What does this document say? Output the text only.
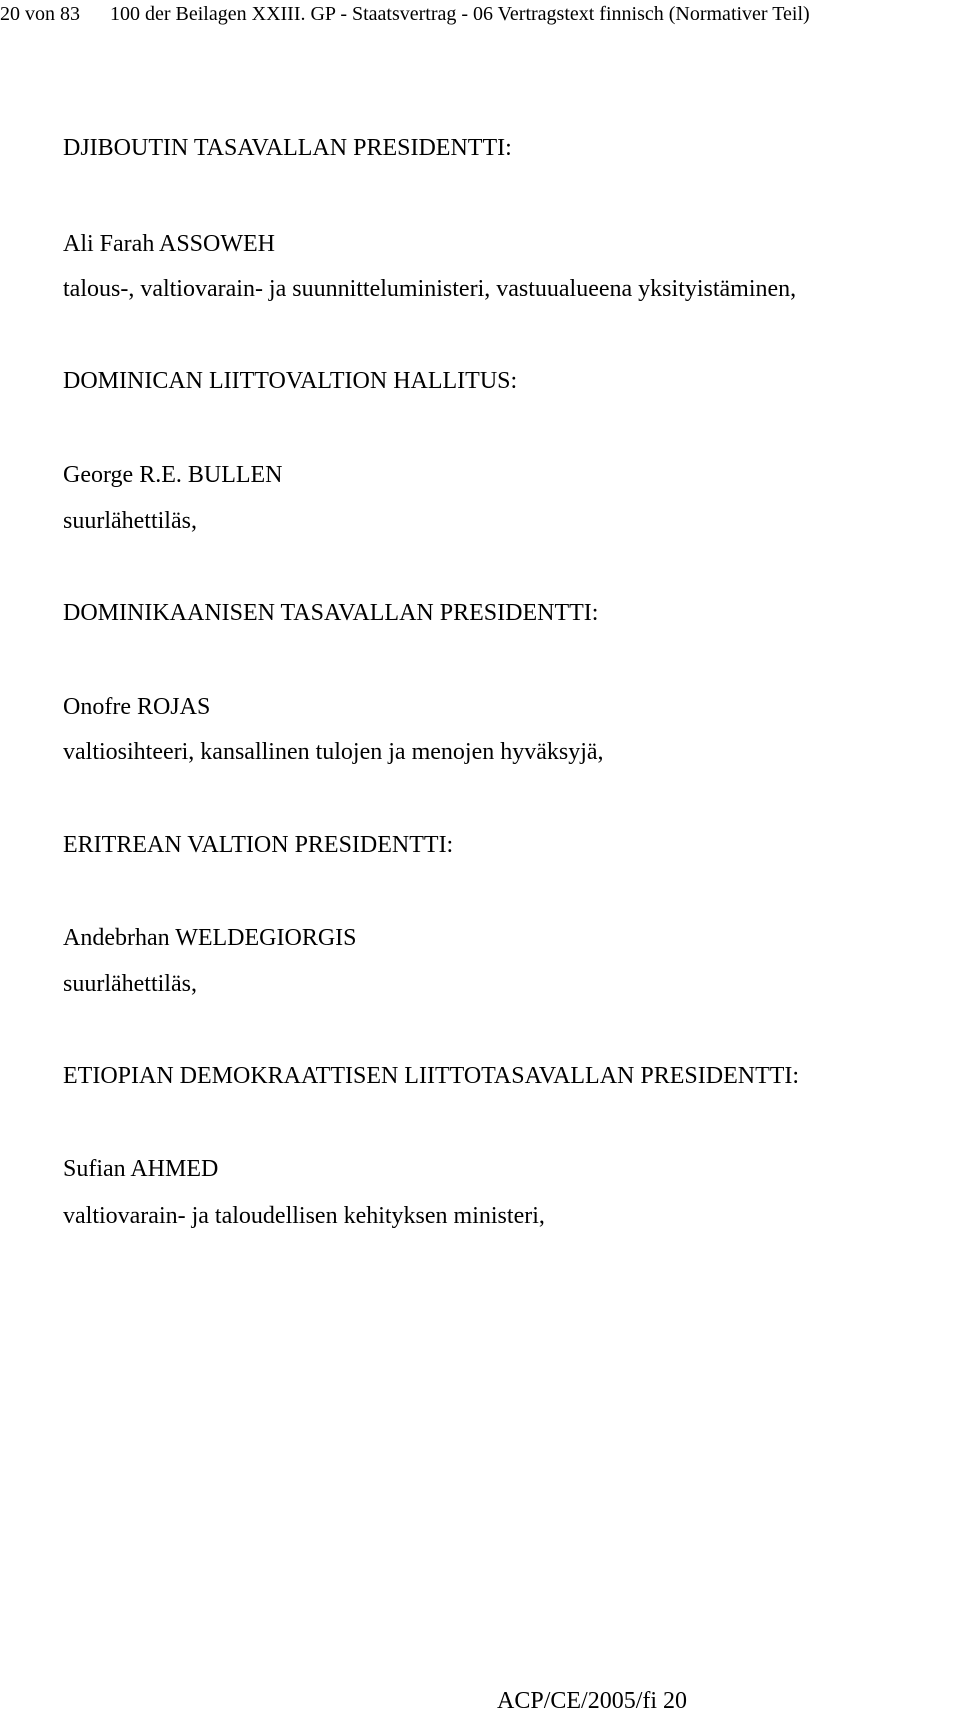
20 von 83 100 der Beilagen XXIII. GP - Staatsvertrag - 06 Vertragstext finnisch (Normativer Teil)
DJIBOUTIN TASAVALLAN PRESIDENTTI:
Ali Farah ASSOWEH
talous-, valtiovarain- ja suunnitteluministeri, vastuualueena yksityistäminen,
DOMINICAN LIITTOVALTION HALLITUS:
George R.E. BULLEN
suurlähettiläs,
DOMINIKAANISEN TASAVALLAN PRESIDENTTI:
Onofre ROJAS
valtiosihteeri, kansallinen tulojen ja menojen hyväksyjä,
ERITREAN VALTION PRESIDENTTI:
Andebrhan WELDEGIORGIS
suurlähettiläs,
ETIOPIAN DEMOKRAATTISEN LIITTOTASAVALLAN PRESIDENTTI:
Sufian AHMED
valtiovarain- ja taloudellisen kehityksen ministeri,
ACP/CE/2005/fi 20
